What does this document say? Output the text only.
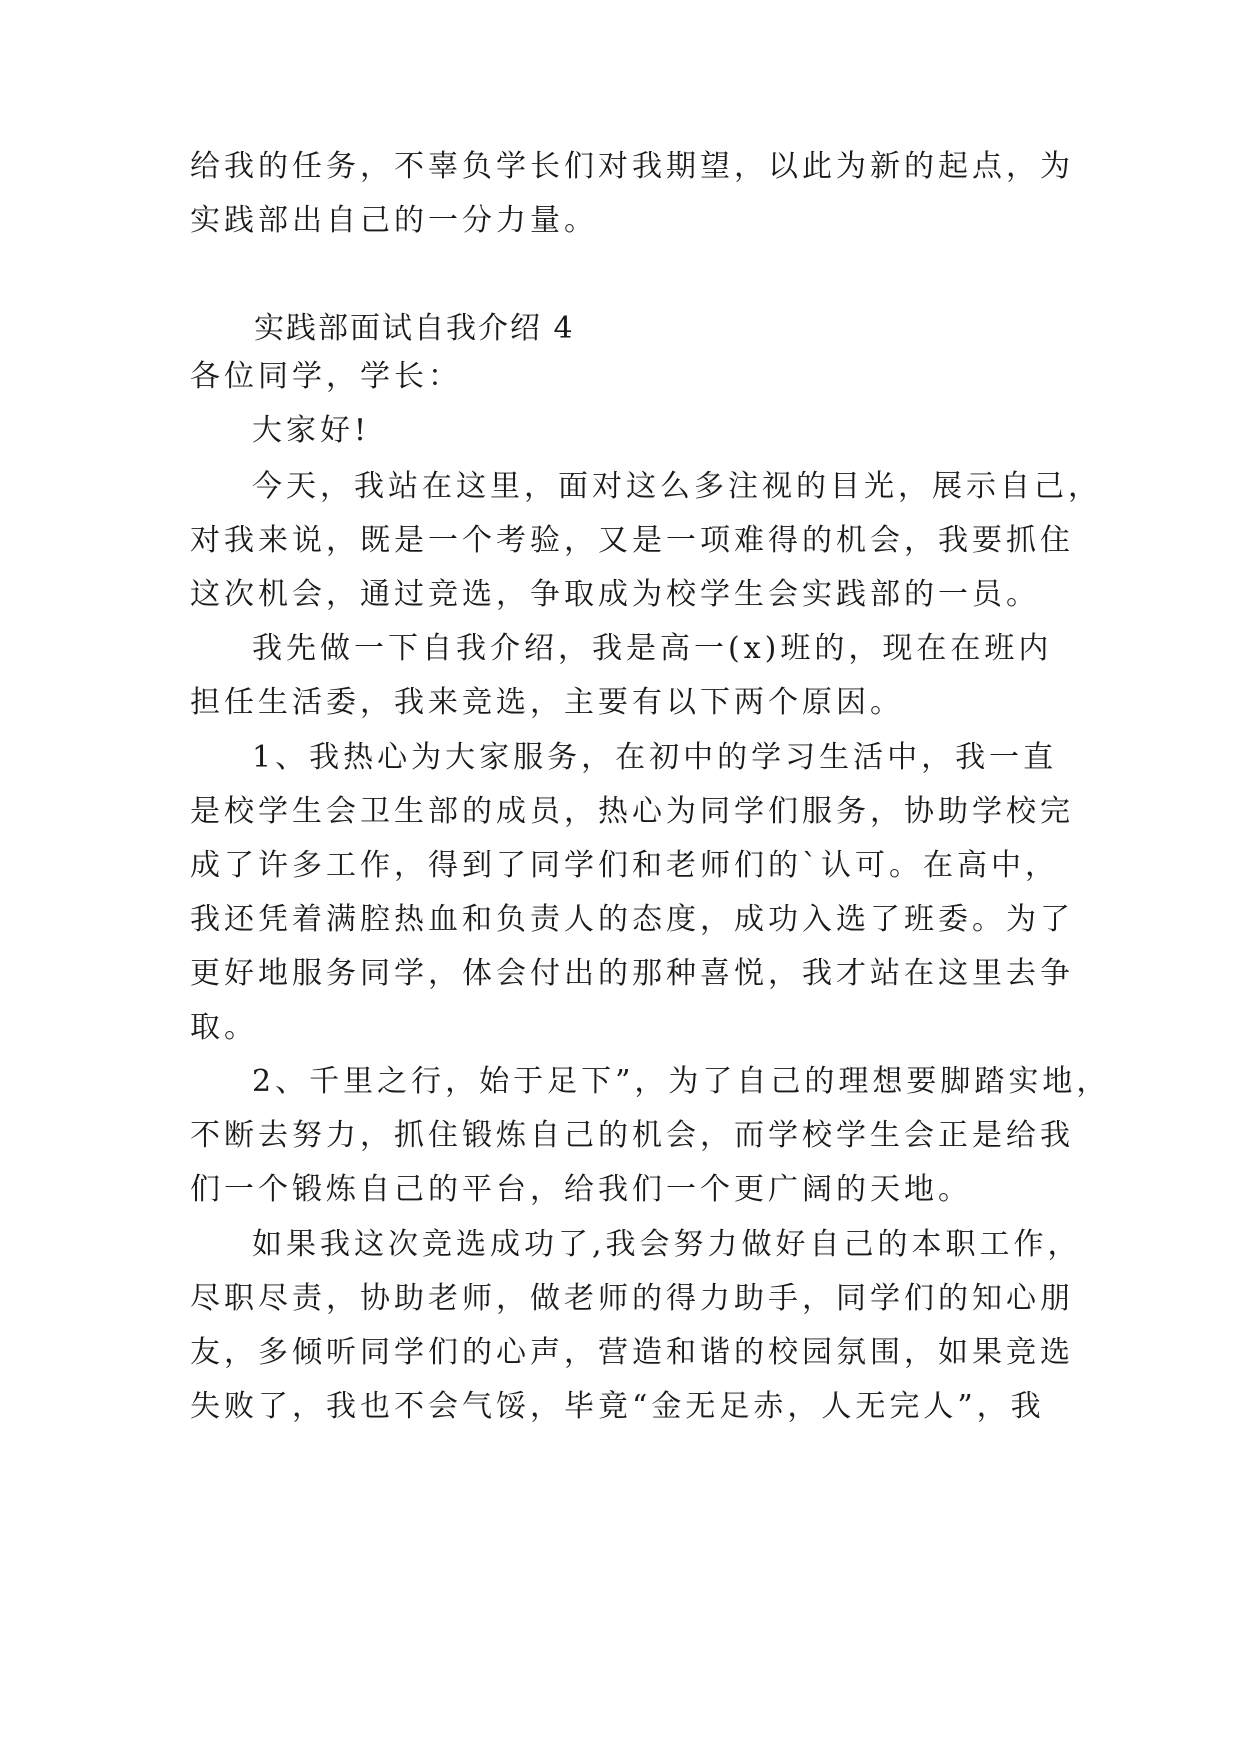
给我的任务，不辜负学长们对我期望，以此为新的起点，为
实践部出自己的一分力量。
实践部面试自我介绍 4
各位同学，学长：
大家好!
今天，我站在这里，面对这么多注视的目光，展示自己，
对我来说，既是一个考验，又是一项难得的机会，我要抓住
这次机会，通过竞选，争取成为校学生会实践部的一员。
我先做一下自我介绍，我是高一(x)班的，现在在班内
担任生活委，我来竞选，主要有以下两个原因。
1、我热心为大家服务，在初中的学习生活中，我一直
是校学生会卫生部的成员，热心为同学们服务，协助学校完
成了许多工作，得到了同学们和老师们的`认可。在高中，
我还凭着满腔热血和负责人的态度，成功入选了班委。为了
更好地服务同学，体会付出的那种喜悦，我才站在这里去争
取。
2、千里之行，始于足下”，为了自己的理想要脚踏实地，
不断去努力，抓住锻炼自己的机会，而学校学生会正是给我
们一个锻炼自己的平台，给我们一个更广阔的天地。
如果我这次竞选成功了,我会努力做好自己的本职工作，
尽职尽责，协助老师，做老师的得力助手，同学们的知心朋
友，多倾听同学们的心声，营造和谐的校园氛围，如果竞选
失败了，我也不会气馁，毕竟“金无足赤，人无完人”，我
